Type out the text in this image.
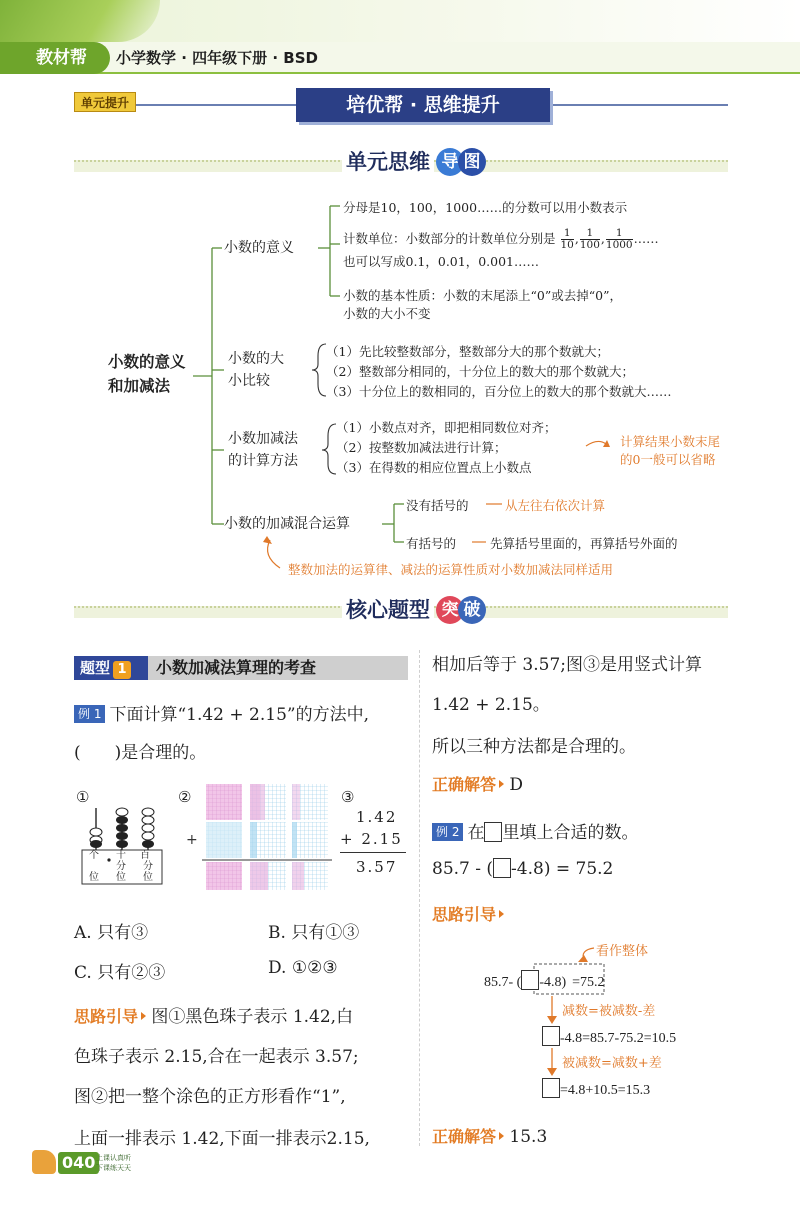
教材帮	小学数学 · 四年级下册 · BSD
单元提升	培优帮 · 思维提升
单元思维 导 图
小数的意义
和加减法
小数的意义
分母是10，100，1000……的分数可以用小数表示
计数单位：小数部分的计数单位分别是 $\frac{1}{10}$ , $\frac{1}{100}$ , $\frac{1}{1000}$ ……
也可以写成0.1，0.01，0.001……
小数的基本性质：小数的末尾添上“0”或去掉“0”，
小数的大小不变
小数的大
小比较
（1）先比较整数部分，整数部分大的那个数就大；
（2）整数部分相同的，十分位上的数大的那个数就大；
（3）十分位上的数相同的，百分位上的数大的那个数就大……
小数加减法
的计算方法
（1）小数点对齐，即把相同数位对齐；
（2）按整数加减法进行计算；
（3）在得数的相应位置点上小数点
计算结果小数末尾
的0一般可以省略
小数的加减混合运算
没有括号的	从左往右依次计算
有括号的	先算括号里面的，再算括号外面的
整数加法的运算律、减法的运算性质对小数加减法同样适用
核心题型 突 破
题型 1	小数加减法算理的考查
例 1 下面计算“1.42 + 2.15”的方法中,
(　　)是合理的。
①	②	③
个 十 百
分 分
位 位 位
+
1.42
+ 2.15
3.57
A. 只有③	B. 只有①③
C. 只有②③	D. ①②③
思路引导 图①黑色珠子表示 1.42,白
色珠子表示 2.15,合在一起表示 3.57;
图②把一整个涂色的正方形看作“1”,
上面一排表示 1.42,下面一排表示2.15,
相加后等于 3.57;图③是用竖式计算
1.42 + 2.15。
所以三种方法都是合理的。
正确解答 D
例 2 在 里填上合适的数。
85.7 - ( -4.8) = 75.2
思路引导
看作整体
85.7- ( -4.8) =75.2
减数=被减数-差
-4.8=85.7-75.2=10.5
被减数=减数+差
=4.8+10.5=15.3
正确解答 15.3
040 上课认真听
下课练天天
